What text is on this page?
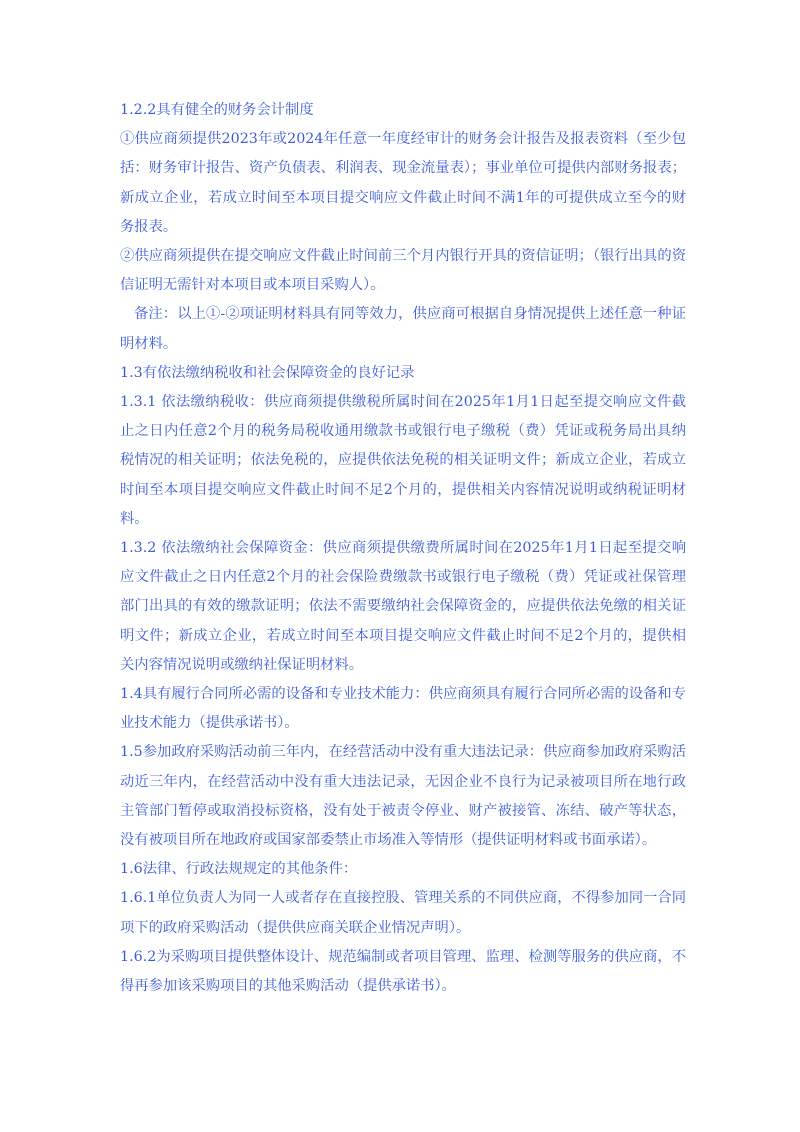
1.2.2具有健全的财务会计制度

①供应商须提供2023年或2024年任意一年度经审计的财务会计报告及报表资料（至少包括：财务审计报告、资产负债表、利润表、现金流量表）；事业单位可提供内部财务报表；新成立企业，若成立时间至本项目提交响应文件截止时间不满1年的可提供成立至今的财务报表。

②供应商须提供在提交响应文件截止时间前三个月内银行开具的资信证明；（银行出具的资信证明无需针对本项目或本项目采购人）。

备注：以上①-②项证明材料具有同等效力，供应商可根据自身情况提供上述任意一种证明材料。

1.3有依法缴纳税收和社会保障资金的良好记录

1.3.1 依法缴纳税收：供应商须提供缴税所属时间在2025年1月1日起至提交响应文件截止之日内任意2个月的税务局税收通用缴款书或银行电子缴税（费）凭证或税务局出具纳税情况的相关证明；依法免税的，应提供依法免税的相关证明文件；新成立企业，若成立时间至本项目提交响应文件截止时间不足2个月的，提供相关内容情况说明或纳税证明材料。

1.3.2 依法缴纳社会保障资金：供应商须提供缴费所属时间在2025年1月1日起至提交响应文件截止之日内任意2个月的社会保险费缴款书或银行电子缴税（费）凭证或社保管理部门出具的有效的缴款证明；依法不需要缴纳社会保障资金的，应提供依法免缴的相关证明文件；新成立企业，若成立时间至本项目提交响应文件截止时间不足2个月的，提供相关内容情况说明或缴纳社保证明材料。

1.4具有履行合同所必需的设备和专业技术能力：供应商须具有履行合同所必需的设备和专业技术能力（提供承诺书）。

1.5参加政府采购活动前三年内，在经营活动中没有重大违法记录：供应商参加政府采购活动近三年内，在经营活动中没有重大违法记录，无因企业不良行为记录被项目所在地行政主管部门暂停或取消投标资格，没有处于被责令停业、财产被接管、冻结、破产等状态，没有被项目所在地政府或国家部委禁止市场准入等情形（提供证明材料或书面承诺）。

1.6法律、行政法规规定的其他条件：

1.6.1单位负责人为同一人或者存在直接控股、管理关系的不同供应商，不得参加同一合同项下的政府采购活动（提供供应商关联企业情况声明）。

1.6.2为采购项目提供整体设计、规范编制或者项目管理、监理、检测等服务的供应商，不得再参加该采购项目的其他采购活动（提供承诺书）。
